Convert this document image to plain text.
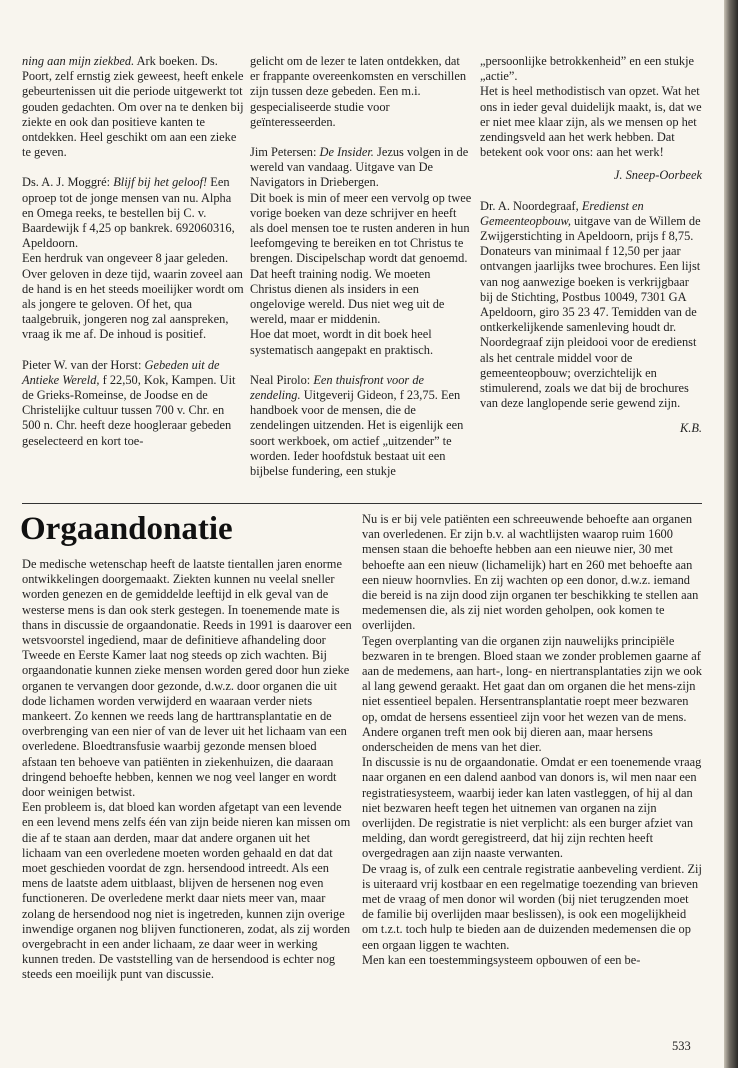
ning aan mijn ziekbed. Ark boeken. Ds. Poort, zelf ernstig ziek geweest, heeft enkele gebeurtenissen uit die periode uitgewerkt tot gouden gedachten. Om over na te denken bij ziekte en ook dan positieve kanten te ontdekken. Heel geschikt om aan een zieke te geven.

Ds. A. J. Moggré: Blijf bij het geloof! Een oproep tot de jonge mensen van nu. Alpha en Omega reeks, te bestellen bij C. v. Baardewijk f 4,25 op bankrek. 692060316, Apeldoorn.

Een herdruk van ongeveer 8 jaar geleden.

Over geloven in deze tijd, waarin zoveel aan de hand is en het steeds moeilijker wordt om als jongere te geloven. Of het, qua taalgebruik, jongeren nog zal aanspreken, vraag ik me af. De inhoud is positief.

Pieter W. van der Horst: Gebeden uit de Antieke Wereld, f 22,50, Kok, Kampen. Uit de Grieks-Romeinse, de Joodse en de Christelijke cultuur tussen 700 v. Chr. en 500 n. Chr. heeft deze hoogleraar gebeden geselecteerd en kort toe-

gelicht om de lezer te laten ontdekken, dat er frappante overeenkomsten en verschillen zijn tussen deze gebeden. Een m.i. gespecialiseerde studie voor geïnteresseerden.

Jim Petersen: De Insider. Jezus volgen in de wereld van vandaag. Uitgave van De Navigators in Driebergen.

Dit boek is min of meer een vervolg op twee vorige boeken van deze schrijver en heeft als doel mensen toe te rusten anderen in hun leefomgeving te bereiken en tot Christus te brengen. Discipelschap wordt dat genoemd. Dat heeft training nodig. We moeten Christus dienen als insiders in een ongelovige wereld. Dus niet weg uit de wereld, maar er middenin.

Hoe dat moet, wordt in dit boek heel systematisch aangepakt en praktisch.

Neal Pirolo: Een thuisfront voor de zendeling. Uitgeverij Gideon, f 23,75. Een handboek voor de mensen, die de zendelingen uitzenden. Het is eigenlijk een soort werkboek, om actief „uitzender” te worden. Ieder hoofdstuk bestaat uit een bijbelse fundering, een stukje

„persoonlijke betrokkenheid” en een stukje „actie”.

Het is heel methodistisch van opzet. Wat het ons in ieder geval duidelijk maakt, is, dat we er niet mee klaar zijn, als we mensen op het zendingsveld aan het werk hebben. Dat betekent ook voor ons: aan het werk!

J. Sneep-Oorbeek

Dr. A. Noordegraaf, Eredienst en Gemeenteopbouw, uitgave van de Willem de Zwijgerstichting in Apeldoorn, prijs f 8,75.

Donateurs van minimaal f 12,50 per jaar ontvangen jaarlijks twee brochures. Een lijst van nog aanwezige boeken is verkrijgbaar bij de Stichting, Postbus 10049, 7301 GA Apeldoorn, giro 35 23 47. Temidden van de ontkerkelijkende samenleving houdt dr. Noordegraaf zijn pleidooi voor de eredienst als het centrale middel voor de gemeenteopbouw; overzichtelijk en stimulerend, zoals we dat bij de brochures van deze langlopende serie gewend zijn.

K.B.

Orgaandonatie

De medische wetenschap heeft de laatste tientallen jaren enorme ontwikkelingen doorgemaakt. Ziekten kunnen nu veelal sneller worden genezen en de gemiddelde leeftijd in elk geval van de westerse mens is dan ook sterk gestegen. In toenemende mate is thans in discussie de orgaandonatie. Reeds in 1991 is daarover een wetsvoorstel ingediend, maar de definitieve afhandeling door Tweede en Eerste Kamer laat nog steeds op zich wachten. Bij orgaandonatie kunnen zieke mensen worden gered door hun zieke organen te vervangen door gezonde, d.w.z. door organen die uit dode lichamen worden verwijderd en waaraan verder niets mankeert. Zo kennen we reeds lang de harttransplantatie en de overbrenging van een nier of van de lever uit het lichaam van een overledene. Bloedtransfusie waarbij gezonde mensen bloed afstaan ten behoeve van patiënten in ziekenhuizen, die daaraan dringend behoefte hebben, kennen we nog veel langer en wordt door weinigen betwist.

Een probleem is, dat bloed kan worden afgetapt van een levende en een levend mens zelfs één van zijn beide nieren kan missen om die af te staan aan derden, maar dat andere organen uit het lichaam van een overledene moeten worden gehaald en dat dat moet geschieden voordat de zgn. hersendood intreedt. Als een mens de laatste adem uitblaast, blijven de hersenen nog even functioneren. De overledene merkt daar niets meer van, maar zolang de hersendood nog niet is ingetreden, kunnen zijn overige inwendige organen nog blijven functioneren, zodat, als zij worden overgebracht in een ander lichaam, ze daar weer in werking kunnen treden. De vaststelling van de hersendood is echter nog steeds een moeilijk punt van discussie.

Nu is er bij vele patiënten een schreeuwende behoefte aan organen van overledenen. Er zijn b.v. al wachtlijsten waarop ruim 1600 mensen staan die behoefte hebben aan een nieuwe nier, 30 met behoefte aan een nieuw (lichamelijk) hart en 260 met behoefte aan een nieuw hoornvlies. En zij wachten op een donor, d.w.z. iemand die bereid is na zijn dood zijn organen ter beschikking te stellen aan medemensen die, als zij niet worden geholpen, ook komen te overlijden.

Tegen overplanting van die organen zijn nauwelijks principiële bezwaren in te brengen. Bloed staan we zonder problemen gaarne af aan de medemens, aan hart-, long- en niertransplantaties zijn we ook al lang gewend geraakt. Het gaat dan om organen die het mens-zijn niet essentieel bepalen. Hersentransplantatie roept meer bezwaren op, omdat de hersens essentieel zijn voor het wezen van de mens. Andere organen treft men ook bij dieren aan, maar hersens onderscheiden de mens van het dier.

In discussie is nu de orgaandonatie. Omdat er een toenemende vraag naar organen en een dalend aanbod van donors is, wil men naar een registratiesysteem, waarbij ieder kan laten vastleggen, of hij al dan niet bezwaren heeft tegen het uitnemen van organen na zijn overlijden. De registratie is niet verplicht: als een burger afziet van melding, dan wordt geregistreerd, dat hij zijn rechten heeft overgedragen aan zijn naaste verwanten.

De vraag is, of zulk een centrale registratie aanbeveling verdient. Zij is uiteraard vrij kostbaar en een regelmatige toezending van brieven met de vraag of men donor wil worden (bij niet terugzenden moet de familie bij overlijden maar beslissen), is ook een mogelijkheid om t.z.t. toch hulp te bieden aan de duizenden medemensen die op een orgaan liggen te wachten.

Men kan een toestemmingsysteem opbouwen of een be-

533
